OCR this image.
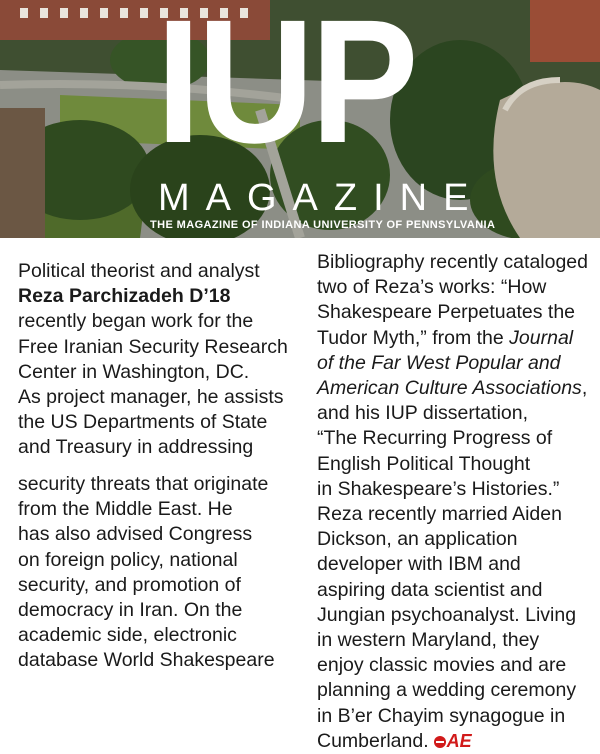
IUP
MAGAZINE
THE MAGAZINE OF INDIANA UNIVERSITY OF PENNSYLVANIA
Political theorist and analyst
Reza Parchizadeh D’18
recently began work for the
Free Iranian Security Research
Center in Washington, DC.
As project manager, he assists
the US Departments of State
and Treasury in addressing
security threats that originate
from the Middle East. He
has also advised Congress
on foreign policy, national
security, and promotion of
democracy in Iran. On the
academic side, electronic
database World Shakespeare
Bibliography recently cataloged
two of Reza’s works: “How
Shakespeare Perpetuates the
Tudor Myth,” from the Journal
of the Far West Popular and
American Culture Associations,
and his IUP dissertation,
“The Recurring Progress of
English Political Thought
in Shakespeare’s Histories.”
Reza recently married Aiden
Dickson, an application
developer with IBM and
aspiring data scientist and
Jungian psychoanalyst. Living
in western Maryland, they
enjoy classic movies and are
planning a wedding ceremony
in B’er Chayim synagogue in
Cumberland. AE
